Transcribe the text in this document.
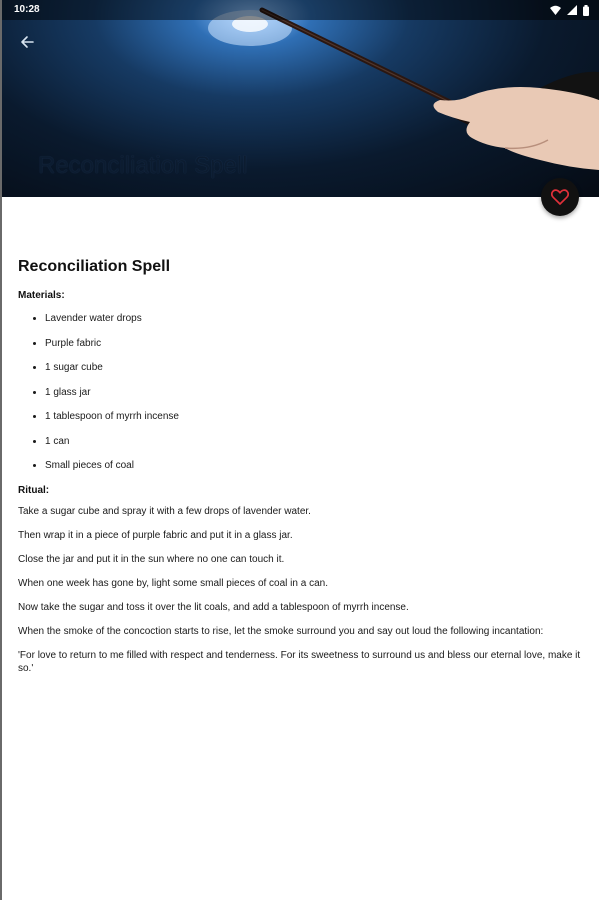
10:28
Reconciliation Spell
Reconciliation Spell

Materials:

• Lavender water drops
• Purple fabric
• 1 sugar cube
• 1 glass jar
• 1 tablespoon of myrrh incense
• 1 can
• Small pieces of coal

Ritual:

Take a sugar cube and spray it with a few drops of lavender water.

Then wrap it in a piece of purple fabric and put it in a glass jar.

Close the jar and put it in the sun where no one can touch it.

When one week has gone by, light some small pieces of coal in a can.

Now take the sugar and toss it over the lit coals, and add a tablespoon of myrrh incense.

When the smoke of the concoction starts to rise, let the smoke surround you and say out loud the following incantation:

'For love to return to me filled with respect and tenderness. For its sweetness to surround us and bless our eternal love, make it so.'
